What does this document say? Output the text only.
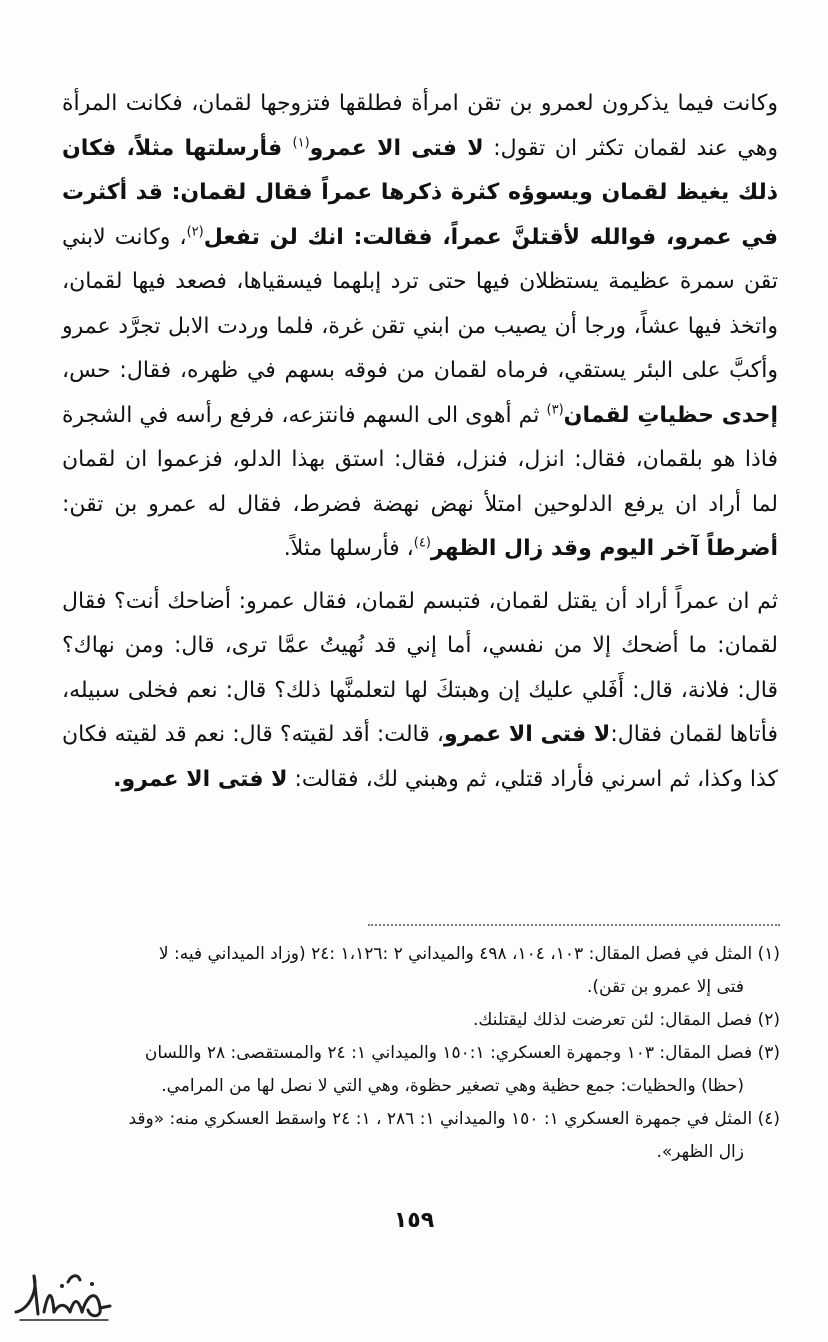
وكانت فيما يذكرون لعمرو بن تقن امرأة فطلقها فتزوجها لقمان، فكانت المرأة وهي عند لقمان تكثر ان تقول: لا فتى الا عمرو$^{(١)}$ فأرسلتها مثلاً، فكان ذلك يغيظ لقمان ويسوؤه كثرة ذكرها عمراً فقال لقمان: قد أكثرت في عمرو، فوالله لأقتلنَّ عمراً، فقالت: انك لن تفعل$^{(٢)}$، وكانت لابني تقن سمرة عظيمة يستظلان فيها حتى ترد إبلهما فيسقياها، فصعد فيها لقمان، واتخذ فيها عشاً، ورجا أن يصيب من ابني تقن غرة، فلما وردت الابل تجرَّد عمرو وأكبَّ على البئر يستقي، فرماه لقمان من فوقه بسهم في ظهره، فقال: حس، إحدى حظياتِ لقمان$^{(٣)}$ ثم أهوى الى السهم فانتزعه، فرفع رأسه في الشجرة فاذا هو بلقمان، فقال: انزل، فنزل، فقال: استق بهذا الدلو، فزعموا ان لقمان لما أراد ان يرفع الدلوحين امتلأ نهض نهضة فضرط، فقال له عمرو بن تقن: أضرطاً آخر اليوم وقد زال الظهر$^{(٤)}$، فأرسلها مثلاً.

ثم ان عمراً أراد أن يقتل لقمان، فتبسم لقمان، فقال عمرو: أضاحك أنت؟ فقال لقمان: ما أضحك إلا من نفسي، أما إني قد نُهيتُ عمَّا ترى، قال: ومن نهاك؟ قال: فلانة، قال: أَفَلي عليك إن وهبتكَ لها لتعلمنَّها ذلك؟ قال: نعم فخلى سبيله، فأتاها لقمان فقال:لا فتى الا عمرو، قالت: أقد لقيته؟ قال: نعم قد لقيته فكان كذا وكذا، ثم اسرني فأراد قتلي، ثم وهبني لك، فقالت: لا فتى الا عمرو.

(١) المثل في فصل المقال: ١٠٣، ١٠٤، ٤٩٨ والميداني ٢ :١،١٢٦ :٢٤ (وزاد الميداني فيه: لا
فتى إلا عمرو بن تقن).

(٢) فصل المقال: لئن تعرضت لذلك ليقتلنك.

(٣) فصل المقال: ١٠٣ وجمهرة العسكري: ١٥٠:١ والميداني ١: ٢٤ والمستقصى: ٢٨ واللسان
(حظا) والحظيات: جمع حظية وهي تصغير حظوة، وهي التي لا نصل لها من المرامي.

(٤) المثل في جمهرة العسكري ١: ١٥٠ والميداني ١: ٢٨٦ ، ١: ٢٤ واسقط العسكري منه: «وقد
زال الظهر».

١٥٩
